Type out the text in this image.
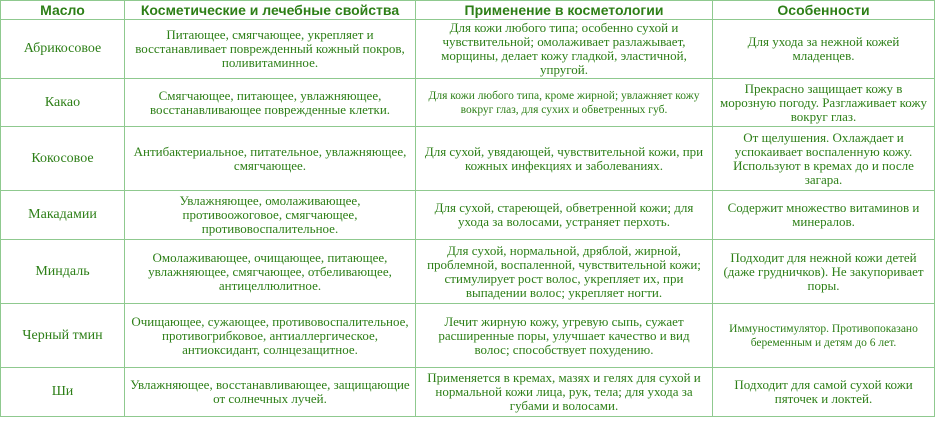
Масло	Косметические и лечебные свойства	Применение в косметологии	Особенности
Абрикосовое	Питающее, смягчающее, укрепляет и восстанавливает поврежденный кожный покров, поливитаминное.	Для кожи любого типа; особенно сухой и чувствительной; омолаживает разлажывает, морщины, делает кожу гладкой, эластичной, упругой.	Для ухода за нежной кожей младенцев.
Какао	Смягчающее, питающее, увлажняющее, восстанавливающее поврежденные клетки.	Для кожи любого типа, кроме жирной; увлажняет кожу вокруг глаз, для сухих и обветренных губ.	Прекрасно защищает кожу в морозную погоду. Разглаживает кожу вокруг глаз.
Кокосовое	Антибактериальное, питательное, увлажняющее, смягчающее.	Для сухой, увядающей, чувствительной кожи, при кожных инфекциях и заболеваниях.	От щелушения. Охлаждает и успокаивает воспаленную кожу. Используют в кремах до и после загара.
Макадамии	Увлажняющее, омолаживающее, противоожоговое, смягчающее, противовоспалительное.	Для сухой, стареющей, обветренной кожи; для ухода за волосами, устраняет перхоть.	Содержит множество витаминов и минералов.
Миндаль	Омолаживающее, очищающее, питающее, увлажняющее, смягчающее, отбеливающее, антицеллюлитное.	Для сухой, нормальной, дряблой, жирной, проблемной, воспаленной, чувствительной кожи; стимулирует рост волос, укрепляет их, при выпадении волос; укрепляет ногти.	Подходит для нежной кожи детей (даже грудничков). Не закупоривает поры.
Черный тмин	Очищающее, сужающее, противовоспалительное, противогрибковое, антиаллергическое, антиоксидант, солнцезащитное.	Лечит жирную кожу, угревую сыпь, сужает расширенные поры, улучшает качество и вид волос; способствует похудению.	Иммуностимулятор. Противопоказано беременным и детям до 6 лет.
Ши	Увлажняющее, восстанавливающее, защищающие от солнечных лучей.	Применяется в кремах, мазях и гелях для сухой и нормальной кожи лица, рук, тела; для ухода за губами и волосами.	Подходит для самой сухой кожи пяточек и локтей.
